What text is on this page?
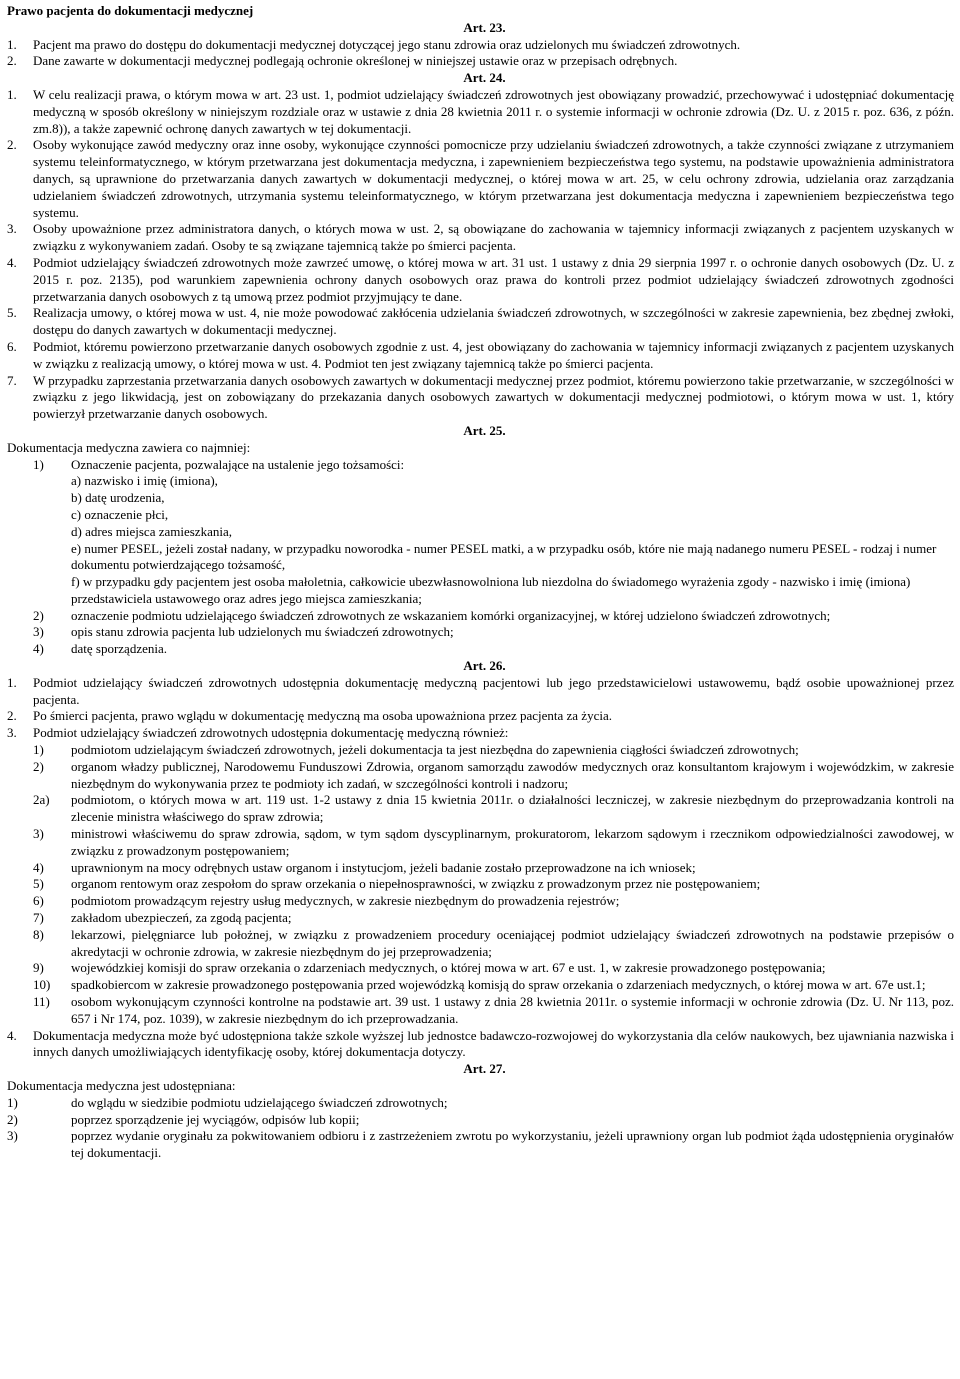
Prawo pacjenta do dokumentacji medycznej
Art. 23.
1. Pacjent ma prawo do dostępu do dokumentacji medycznej dotyczącej jego stanu zdrowia oraz udzielonych mu świadczeń zdrowotnych.
2. Dane zawarte w dokumentacji medycznej podlegają ochronie określonej w niniejszej ustawie oraz w przepisach odrębnych.
Art. 24.
1. W celu realizacji prawa, o którym mowa w art. 23 ust. 1, podmiot udzielający świadczeń zdrowotnych jest obowiązany prowadzić, przechowywać i udostępniać dokumentację medyczną w sposób określony w niniejszym rozdziale oraz w ustawie z dnia 28 kwietnia 2011 r. o systemie informacji w ochronie zdrowia (Dz. U. z 2015 r. poz. 636, z późn. zm.8)), a także zapewnić ochronę danych zawartych w tej dokumentacji.
2. Osoby wykonujące zawód medyczny oraz inne osoby, wykonujące czynności pomocnicze przy udzielaniu świadczeń zdrowotnych, a także czynności związane z utrzymaniem systemu teleinformatycznego, w którym przetwarzana jest dokumentacja medyczna, i zapewnieniem bezpieczeństwa tego systemu, na podstawie upoważnienia administratora danych, są uprawnione do przetwarzania danych zawartych w dokumentacji medycznej, o której mowa w art. 25, w celu ochrony zdrowia, udzielania oraz zarządzania udzielaniem świadczeń zdrowotnych, utrzymania systemu teleinformatycznego, w którym przetwarzana jest dokumentacja medyczna i zapewnieniem bezpieczeństwa tego systemu.
3. Osoby upoważnione przez administratora danych, o których mowa w ust. 2, są obowiązane do zachowania w tajemnicy informacji związanych z pacjentem uzyskanych w związku z wykonywaniem zadań. Osoby te są związane tajemnicą także po śmierci pacjenta.
4. Podmiot udzielający świadczeń zdrowotnych może zawrzeć umowę, o której mowa w art. 31 ust. 1 ustawy z dnia 29 sierpnia 1997 r. o ochronie danych osobowych (Dz. U. z 2015 r. poz. 2135), pod warunkiem zapewnienia ochrony danych osobowych oraz prawa do kontroli przez podmiot udzielający świadczeń zdrowotnych zgodności przetwarzania danych osobowych z tą umową przez podmiot przyjmujący te dane.
5. Realizacja umowy, o której mowa w ust. 4, nie może powodować zakłócenia udzielania świadczeń zdrowotnych, w szczególności w zakresie zapewnienia, bez zbędnej zwłoki, dostępu do danych zawartych w dokumentacji medycznej.
6. Podmiot, któremu powierzono przetwarzanie danych osobowych zgodnie z ust. 4, jest obowiązany do zachowania w tajemnicy informacji związanych z pacjentem uzyskanych w związku z realizacją umowy, o której mowa w ust. 4. Podmiot ten jest związany tajemnicą także po śmierci pacjenta.
7. W przypadku zaprzestania przetwarzania danych osobowych zawartych w dokumentacji medycznej przez podmiot, któremu powierzono takie przetwarzanie, w szczególności w związku z jego likwidacją, jest on zobowiązany do przekazania danych osobowych zawartych w dokumentacji medycznej podmiotowi, o którym mowa w ust. 1, który powierzył przetwarzanie danych osobowych.
Art. 25.
Dokumentacja medyczna zawiera co najmniej:
1) Oznaczenie pacjenta, pozwalające na ustalenie jego tożsamości:
a) nazwisko i imię (imiona),
b) datę urodzenia,
c) oznaczenie płci,
d) adres miejsca zamieszkania,
e) numer PESEL, jeżeli został nadany, w przypadku noworodka - numer PESEL matki, a w przypadku osób, które nie mają nadanego numeru PESEL - rodzaj i numer dokumentu potwierdzającego tożsamość,
f) w przypadku gdy pacjentem jest osoba małoletnia, całkowicie ubezwłasnowolniona lub niezdolna do świadomego wyrażenia zgody - nazwisko i imię (imiona) przedstawiciela ustawowego oraz adres jego miejsca zamieszkania;
2) oznaczenie podmiotu udzielającego świadczeń zdrowotnych ze wskazaniem komórki organizacyjnej, w której udzielono świadczeń zdrowotnych;
3) opis stanu zdrowia pacjenta lub udzielonych mu świadczeń zdrowotnych;
4) datę sporządzenia.
Art. 26.
1. Podmiot udzielający świadczeń zdrowotnych udostępnia dokumentację medyczną pacjentowi lub jego przedstawicielowi ustawowemu, bądź osobie upoważnionej przez pacjenta.
2. Po śmierci pacjenta, prawo wglądu w dokumentację medyczną ma osoba upoważniona przez pacjenta za życia.
3. Podmiot udzielający świadczeń zdrowotnych udostępnia dokumentację medyczną również:
1) podmiotom udzielającym świadczeń zdrowotnych, jeżeli dokumentacja ta jest niezbędna do zapewnienia ciągłości świadczeń zdrowotnych;
2) organom władzy publicznej, Narodowemu Funduszowi Zdrowia, organom samorządu zawodów medycznych oraz konsultantom krajowym i wojewódzkim, w zakresie niezbędnym do wykonywania przez te podmioty ich zadań, w szczególności kontroli i nadzoru;
2a) podmiotom, o których mowa w art. 119 ust. 1-2 ustawy z dnia 15 kwietnia 2011r. o działalności leczniczej, w zakresie niezbędnym do przeprowadzania kontroli na zlecenie ministra właściwego do spraw zdrowia;
3) ministrowi właściwemu do spraw zdrowia, sądom, w tym sądom dyscyplinarnym, prokuratorom, lekarzom sądowym i rzecznikom odpowiedzialności zawodowej, w związku z prowadzonym postępowaniem;
4) uprawnionym na mocy odrębnych ustaw organom i instytucjom, jeżeli badanie zostało przeprowadzone na ich wniosek;
5) organom rentowym oraz zespołom do spraw orzekania o niepełnosprawności, w związku z prowadzonym przez nie postępowaniem;
6) podmiotom prowadzącym rejestry usług medycznych, w zakresie niezbędnym do prowadzenia rejestrów;
7) zakładom ubezpieczeń, za zgodą pacjenta;
8) lekarzowi, pielęgniarce lub położnej, w związku z prowadzeniem procedury oceniającej podmiot udzielający świadczeń zdrowotnych na podstawie przepisów o akredytacji w ochronie zdrowia, w zakresie niezbędnym do jej przeprowadzenia;
9) wojewódzkiej komisji do spraw orzekania o zdarzeniach medycznych, o której mowa w art. 67 e ust. 1, w zakresie prowadzonego postępowania;
10) spadkobiercom w zakresie prowadzonego postępowania przed wojewódzką komisją do spraw orzekania o zdarzeniach medycznych, o której mowa w art. 67e ust.1;
11) osobom wykonującym czynności kontrolne na podstawie art. 39 ust. 1 ustawy z dnia 28 kwietnia 2011r. o systemie informacji w ochronie zdrowia (Dz. U. Nr 113, poz. 657 i Nr 174, poz. 1039), w zakresie niezbędnym do ich przeprowadzania.
4. Dokumentacja medyczna może być udostępniona także szkole wyższej lub jednostce badawczo-rozwojowej do wykorzystania dla celów naukowych, bez ujawniania nazwiska i innych danych umożliwiających identyfikację osoby, której dokumentacja dotyczy.
Art. 27.
Dokumentacja medyczna jest udostępniana:
1)	do wglądu w siedzibie podmiotu udzielającego świadczeń zdrowotnych;
2)	poprzez sporządzenie jej wyciągów, odpisów lub kopii;
3)	poprzez wydanie oryginału za pokwitowaniem odbioru i z zastrzeżeniem zwrotu po wykorzystaniu, jeżeli uprawniony organ lub podmiot żąda udostępnienia oryginałów tej dokumentacji.
